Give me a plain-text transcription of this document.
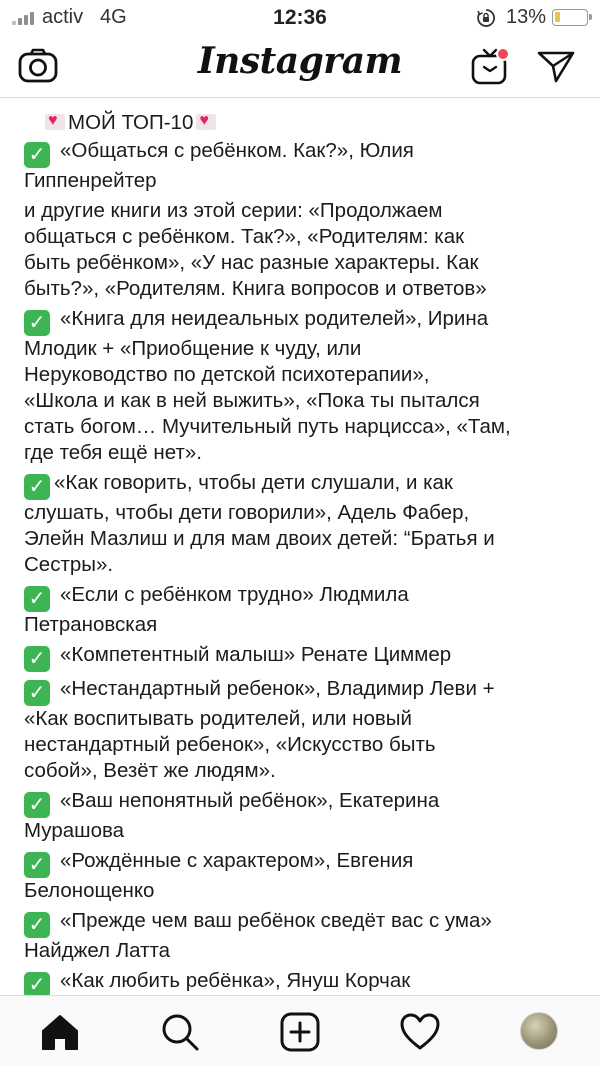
activ 4G	12:36	13%
Instagram
♥МОЙ ТОП-10♥
✓ «Общаться с ребёнком. Как?», Юлия
Гиппенрейтер
и другие книги из этой серии: «Продолжаем
общаться с ребёнком. Так?», «Родителям: как
быть ребёнком», «У нас разные характеры. Как
быть?», «Родителям. Книга вопросов и ответов»
✓ «Книга для неидеальных родителей», Ирина
Млодик + «Приобщение к чуду, или
Неруководство по детской психотерапии»,
«Школа и как в ней выжить», «Пока ты пытался
стать богом… Мучительный путь нарцисса», «Там,
где тебя ещё нет».
✓ «Как говорить, чтобы дети слушали, и как
слушать, чтобы дети говорили», Адель Фабер,
Элейн Мазлиш и для мам двоих детей: “Братья и
Сестры».
✓ «Если с ребёнком трудно» Людмила
Петрановская
✓ «Компетентный малыш» Ренате Циммер
✓ «Нестандартный ребенок», Владимир Леви +
«Как воспитывать родителей, или новый
нестандартный ребенок», «Искусство быть
собой», Везёт же людям».
✓ «Ваш непонятный ребёнок», Екатерина
Мурашова
✓ «Рождённые с характером», Евгения
Белонощенко
✓ «Прежде чем ваш ребёнок сведёт вас с ума»
Найджел Латта
✓ «Как любить ребёнка», Януш Корчак
